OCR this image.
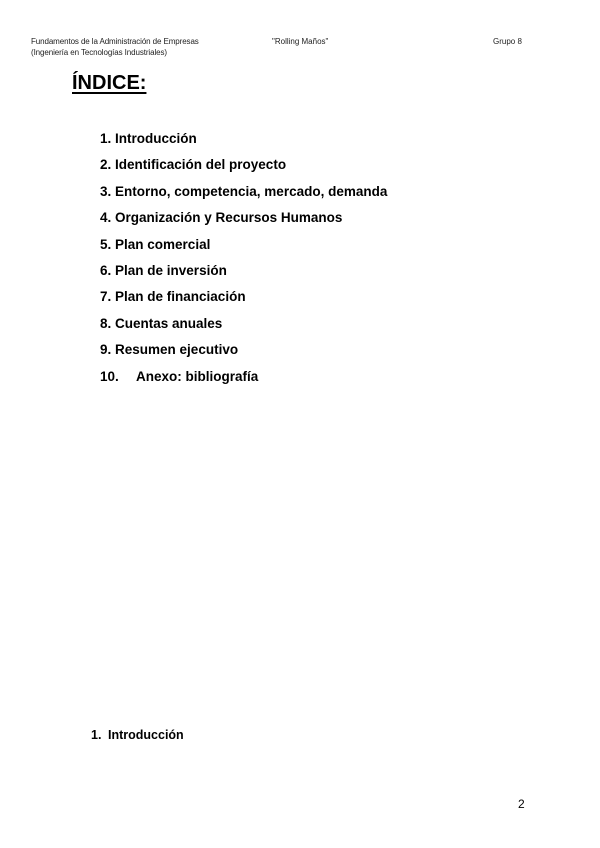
Fundamentos de la Administración de Empresas
(Ingeniería en Tecnologías Industriales)
"Rolling Maños"	Grupo 8
ÍNDICE:
1. Introducción
2. Identificación del proyecto
3. Entorno, competencia, mercado, demanda
4. Organización y Recursos Humanos
5. Plan comercial
6. Plan de inversión
7. Plan de financiación
8. Cuentas anuales
9. Resumen ejecutivo
10. Anexo: bibliografía
1. Introducción
2
